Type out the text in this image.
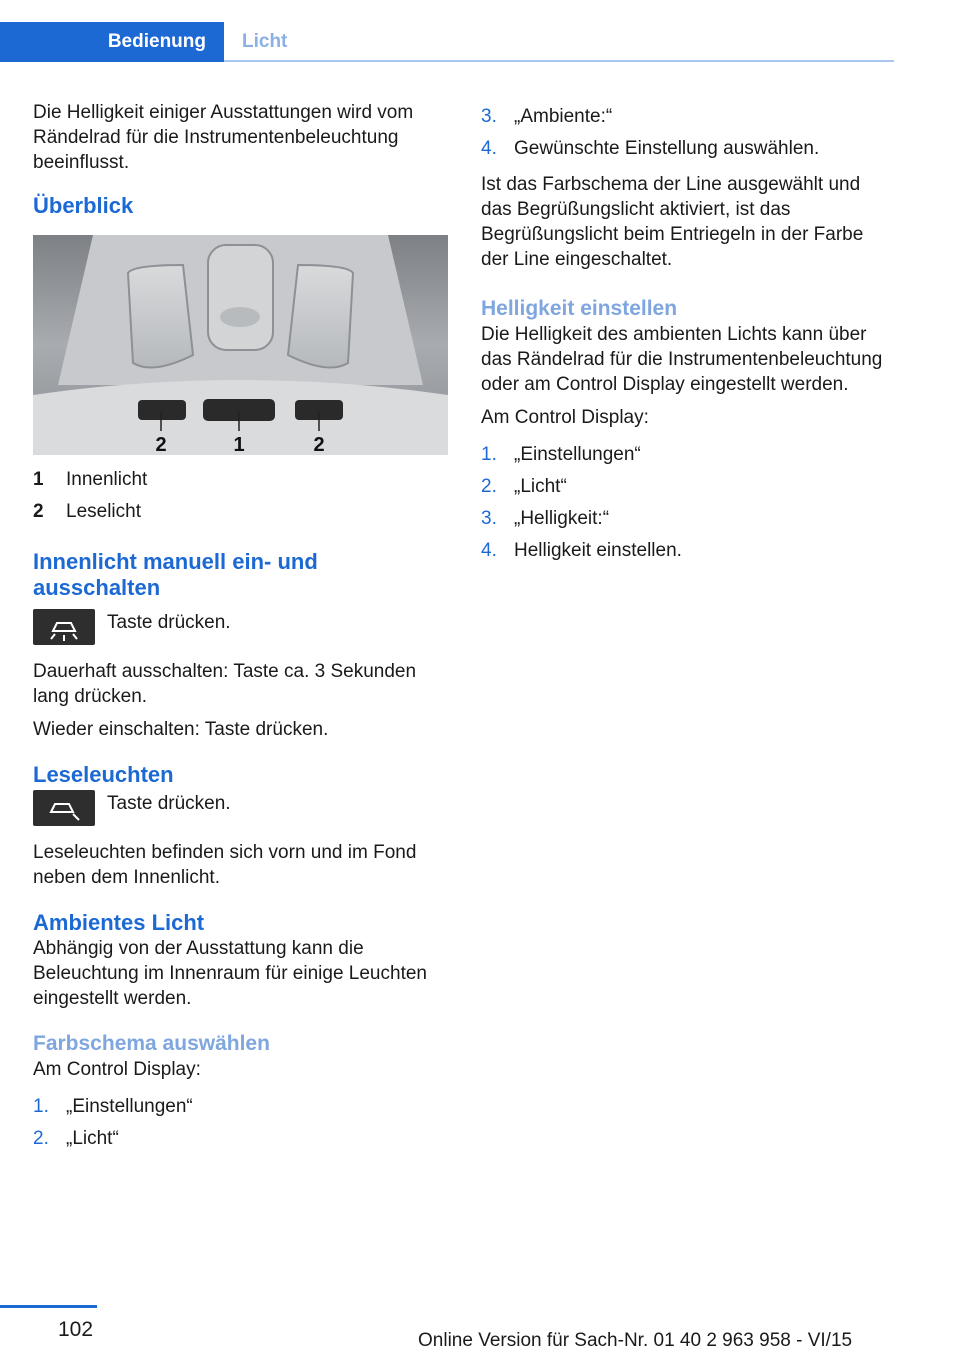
Bedienung	Licht

Die Helligkeit einiger Ausstattungen wird vom Rändelrad für die Instrumentenbeleuchtung beeinflusst.

Überblick
2	1	2
1	Innenlicht
2	Leselicht
Innenlicht manuell ein- und ausschalten
Taste drücken.

Dauerhaft ausschalten: Taste ca. 3 Sekunden lang drücken.

Wieder einschalten: Taste drücken.

Leseleuchten
Taste drücken.

Leseleuchten befinden sich vorn und im Fond neben dem Innenlicht.

Ambientes Licht

Abhängig von der Ausstattung kann die Beleuchtung im Innenraum für einige Leuchten eingestellt werden.

Farbschema auswählen

Am Control Display:

1. „Einstellungen“
2. „Licht“
3. „Ambiente:“
4. Gewünschte Einstellung auswählen.

Ist das Farbschema der Line ausgewählt und das Begrüßungslicht aktiviert, ist das Begrüßungslicht beim Entriegeln in der Farbe der Line eingeschaltet.

Helligkeit einstellen

Die Helligkeit des ambienten Lichts kann über das Rändelrad für die Instrumentenbeleuchtung oder am Control Display eingestellt werden.

Am Control Display:

1. „Einstellungen“
2. „Licht“
3. „Helligkeit:“
4. Helligkeit einstellen.
102	Online Version für Sach-Nr. 01 40 2 963 958 - VI/15
